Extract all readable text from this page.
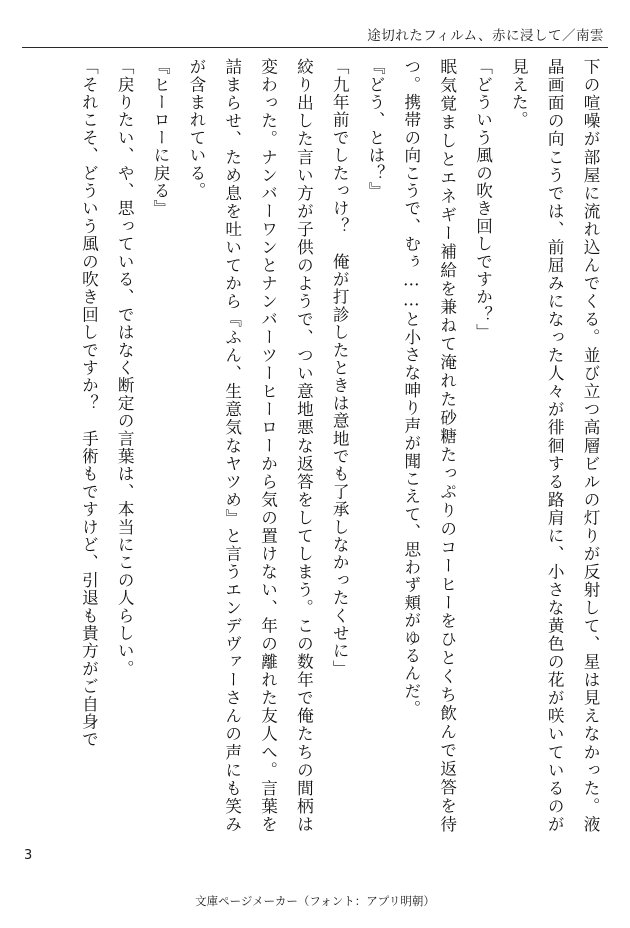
途切れたフィルム、赤に浸して／南雲

下の喧噪が部屋に流れ込んでくる。並び立つ高層ビルの灯りが反射して、星は見えなかった。液晶画面の向こうでは、前屈みになった人々が徘徊する路肩に、小さな黄色の花が咲いているのが見えた。

「どういう風の吹き回しですか？」

眠気覚ましとエネギー補給を兼ねて淹れた砂糖たっぷりのコーヒーをひとくち飲んで返答を待つ。携帯の向こうで、むぅ……と小さな呻り声が聞こえて、思わず頬がゆるんだ。

『どう、とは？』

「九年前でしたっけ？　俺が打診したときは意地でも了承しなかったくせに」

絞り出した言い方が子供のようで、つい意地悪な返答をしてしまう。この数年で俺たちの間柄は変わった。ナンバーワンとナンバーツーヒーローから気の置けない、年の離れた友人へ。言葉を詰まらせ、ため息を吐いてから『ふん、生意気なヤツめ』と言うエンデヴァーさんの声にも笑みが含まれている。

『ヒーローに戻る』

「戻りたい、や、思っている、ではなく断定の言葉は、本当にこの人らしい。

「それこそ、どういう風の吹き回しですか？　手術もですけど、引退も貴方がご自身で

3
文庫ページメーカー（フォント：アプリ明朝）
